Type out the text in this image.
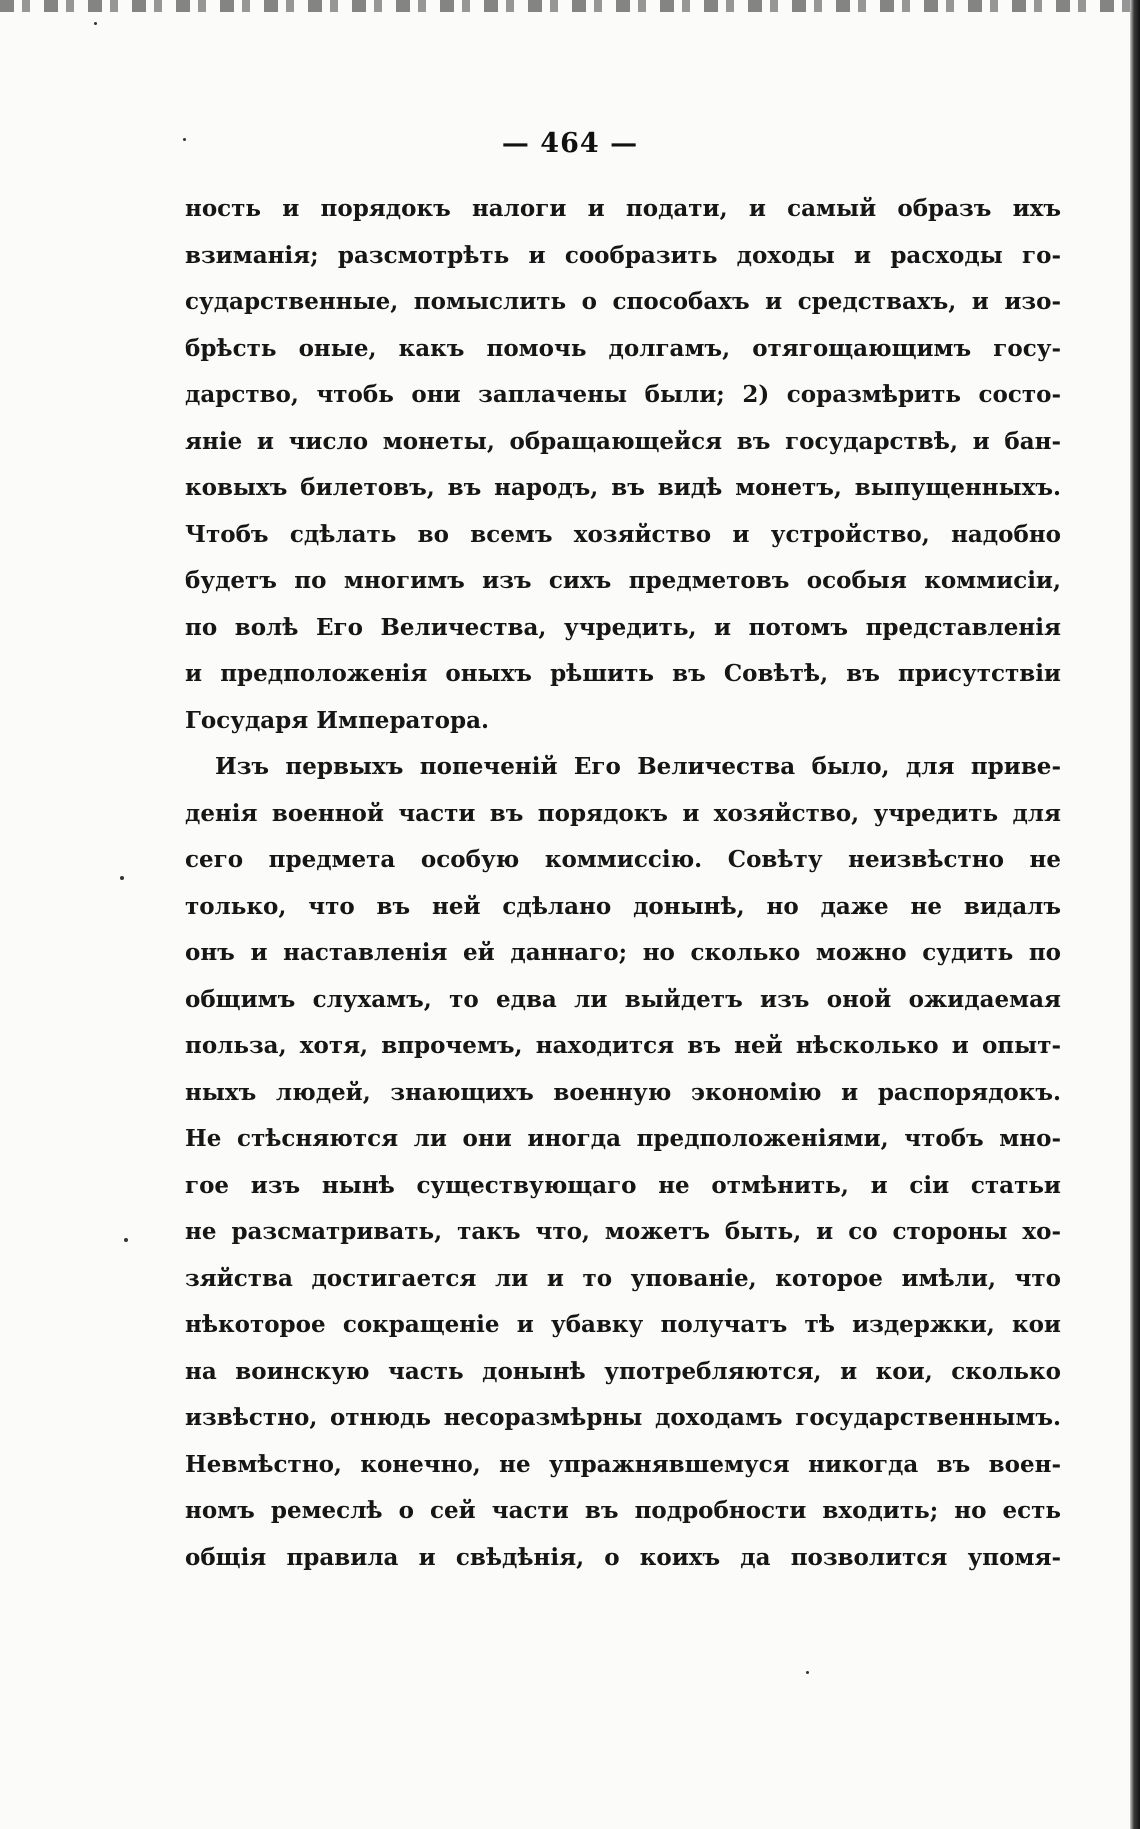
— 464 —
ность и порядокъ налоги и подати, и самый образъ ихъ
взиманія; разсмотрѣть и сообразить доходы и расходы го-
сударственные, помыслить о способахъ и средствахъ, и изо-
брѣсть оные, какъ помочь долгамъ, отягощающимъ госу-
дарство, чтобь они заплачены были; 2) соразмѣрить состо-
яніе и число монеты, обращающейся въ государствѣ, и бан-
ковыхъ билетовъ, въ народъ, въ видѣ монетъ, выпущенныхъ.
Чтобъ сдѣлать во всемъ хозяйство и устройство, надобно
будетъ по многимъ изъ сихъ предметовъ особыя коммисіи,
по волѣ Его Величества, учредить, и потомъ представленія
и предположенія оныхъ рѣшить въ Совѣтѣ, въ присутствіи
Государя Императора.
Изъ первыхъ попеченій Его Величества было, для приве-
денія военной части въ порядокъ и хозяйство, учредить для
сего предмета особую коммиссію. Совѣту неизвѣстно не
только, что въ ней сдѣлано донынѣ, но даже не видалъ
онъ и наставленія ей даннаго; но сколько можно судить по
общимъ слухамъ, то едва ли выйдетъ изъ оной ожидаемая
польза, хотя, впрочемъ, находится въ ней нѣсколько и опыт-
ныхъ людей, знающихъ военную экономію и распорядокъ.
Не стѣсняются ли они иногда предположеніями, чтобъ мно-
гое изъ нынѣ существующаго не отмѣнить, и сіи статьи
не разсматривать, такъ что, можетъ быть, и со стороны хо-
зяйства достигается ли и то упованіе, которое имѣли, что
нѣкоторое сокращеніе и убавку получатъ тѣ издержки, кои
на воинскую часть донынѣ употребляются, и кои, сколько
извѣстно, отнюдь несоразмѣрны доходамъ государственнымъ.
Невмѣстно, конечно, не упражнявшемуся никогда въ воен-
номъ ремеслѣ о сей части въ подробности входить; но есть
общія правила и свѣдѣнія, о коихъ да позволится упомя-
